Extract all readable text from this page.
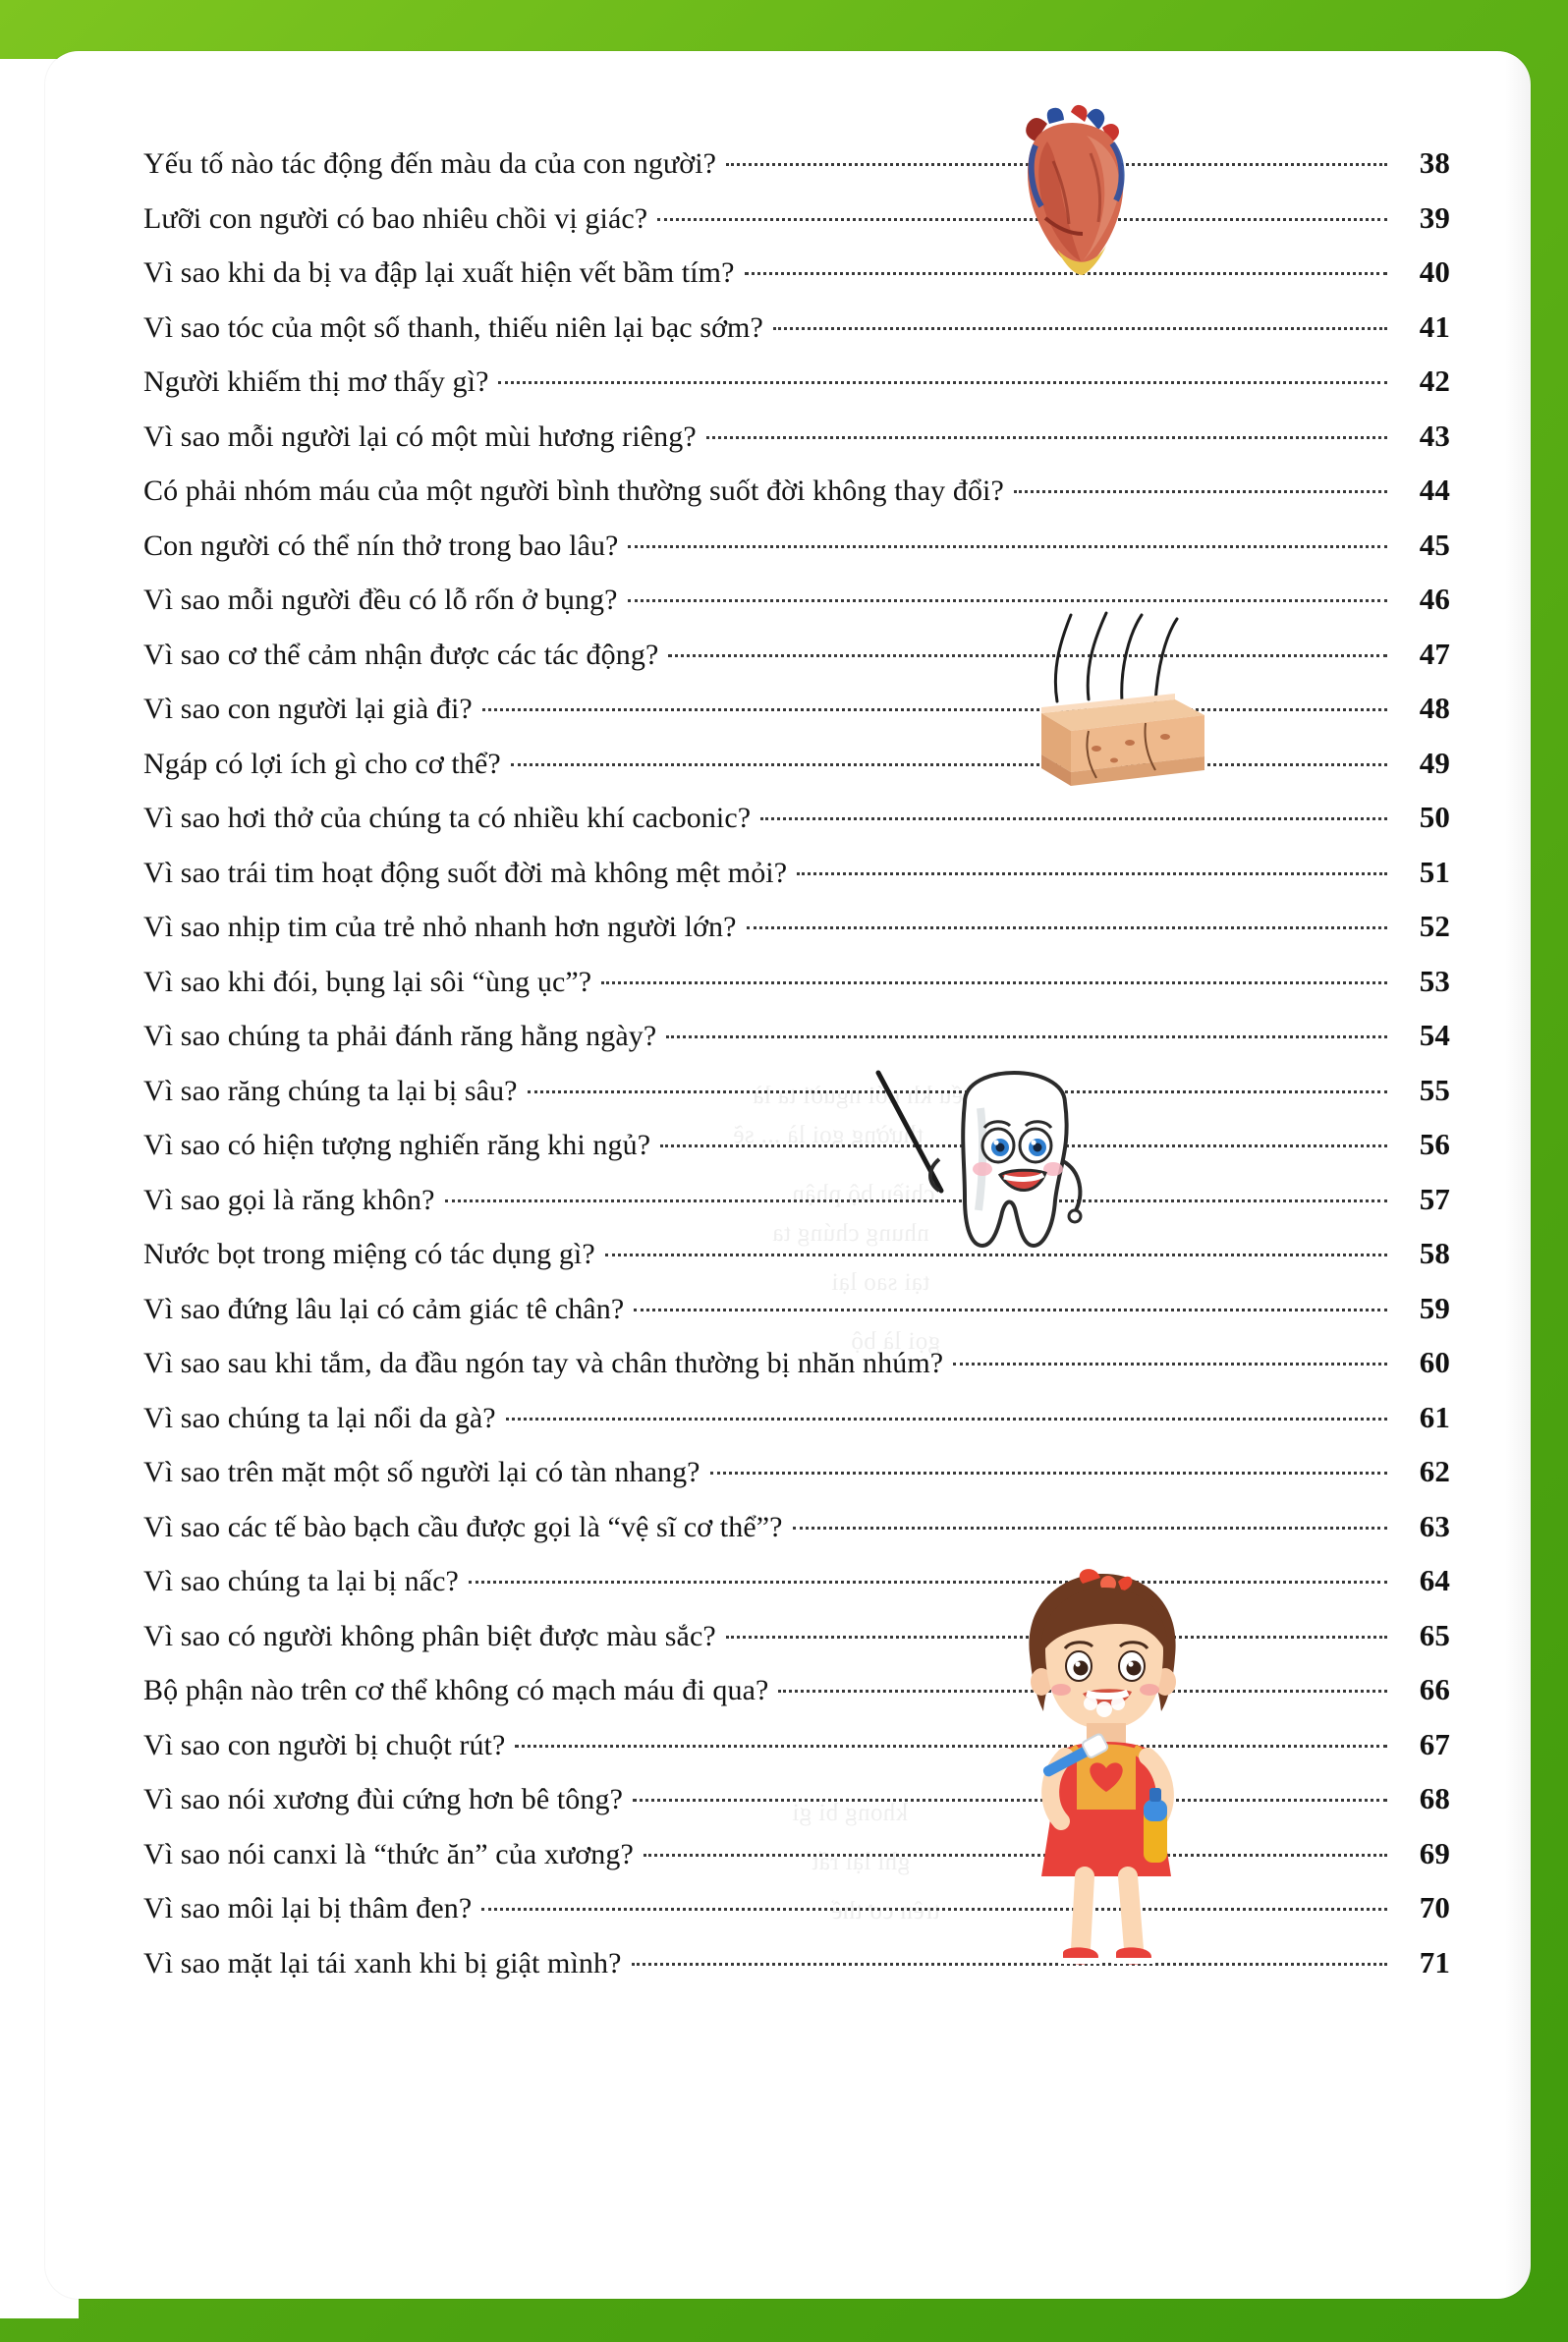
nếu kh nói nguời ta là
thường gọi là ... sẽ
chiều bộ phận
nhung chúng ta
tại sao lại
gọi là bộ
khong bi gi
ghi lại rất
trên cơ thể
Yếu tố nào tác động đến màu da của con người?	38
Lưỡi con người có bao nhiêu chồi vị giác?	39
Vì sao khi da bị va đập lại xuất hiện vết bầm tím?	40
Vì sao tóc của một số thanh, thiếu niên lại bạc sớm?	41
Người khiếm thị mơ thấy gì?	42
Vì sao mỗi người lại có một mùi hương riêng?	43
Có phải nhóm máu của một người bình thường suốt đời không thay đổi?	44
Con người có thể nín thở trong bao lâu?	45
Vì sao mỗi người đều có lỗ rốn ở bụng?	46
Vì sao cơ thể cảm nhận được các tác động?	47
Vì sao con người lại già đi?	48
Ngáp có lợi ích gì cho cơ thể?	49
Vì sao hơi thở của chúng ta có nhiều khí cacbonic?	50
Vì sao trái tim hoạt động suốt đời mà không mệt mỏi?	51
Vì sao nhịp tim của trẻ nhỏ nhanh hơn người lớn?	52
Vì sao khi đói, bụng lại sôi “ùng ục”?	53
Vì sao chúng ta phải đánh răng hằng ngày?	54
Vì sao răng chúng ta lại bị sâu?	55
Vì sao có hiện tượng nghiến răng khi ngủ?	56
Vì sao gọi là răng khôn?	57
Nước bọt trong miệng có tác dụng gì?	58
Vì sao đứng lâu lại có cảm giác tê chân?	59
Vì sao sau khi tắm, da đầu ngón tay và chân thường bị nhăn nhúm?	60
Vì sao chúng ta lại nổi da gà?	61
Vì sao trên mặt một số người lại có tàn nhang?	62
Vì sao các tế bào bạch cầu được gọi là “vệ sĩ cơ thể”?	63
Vì sao chúng ta lại bị nấc?	64
Vì sao có người không phân biệt được màu sắc?	65
Bộ phận nào trên cơ thể không có mạch máu đi qua?	66
Vì sao con người bị chuột rút?	67
Vì sao nói xương đùi cứng hơn bê tông?	68
Vì sao nói canxi là “thức ăn” của xương?	69
Vì sao môi lại bị thâm đen?	70
Vì sao mặt lại tái xanh khi bị giật mình?	71
